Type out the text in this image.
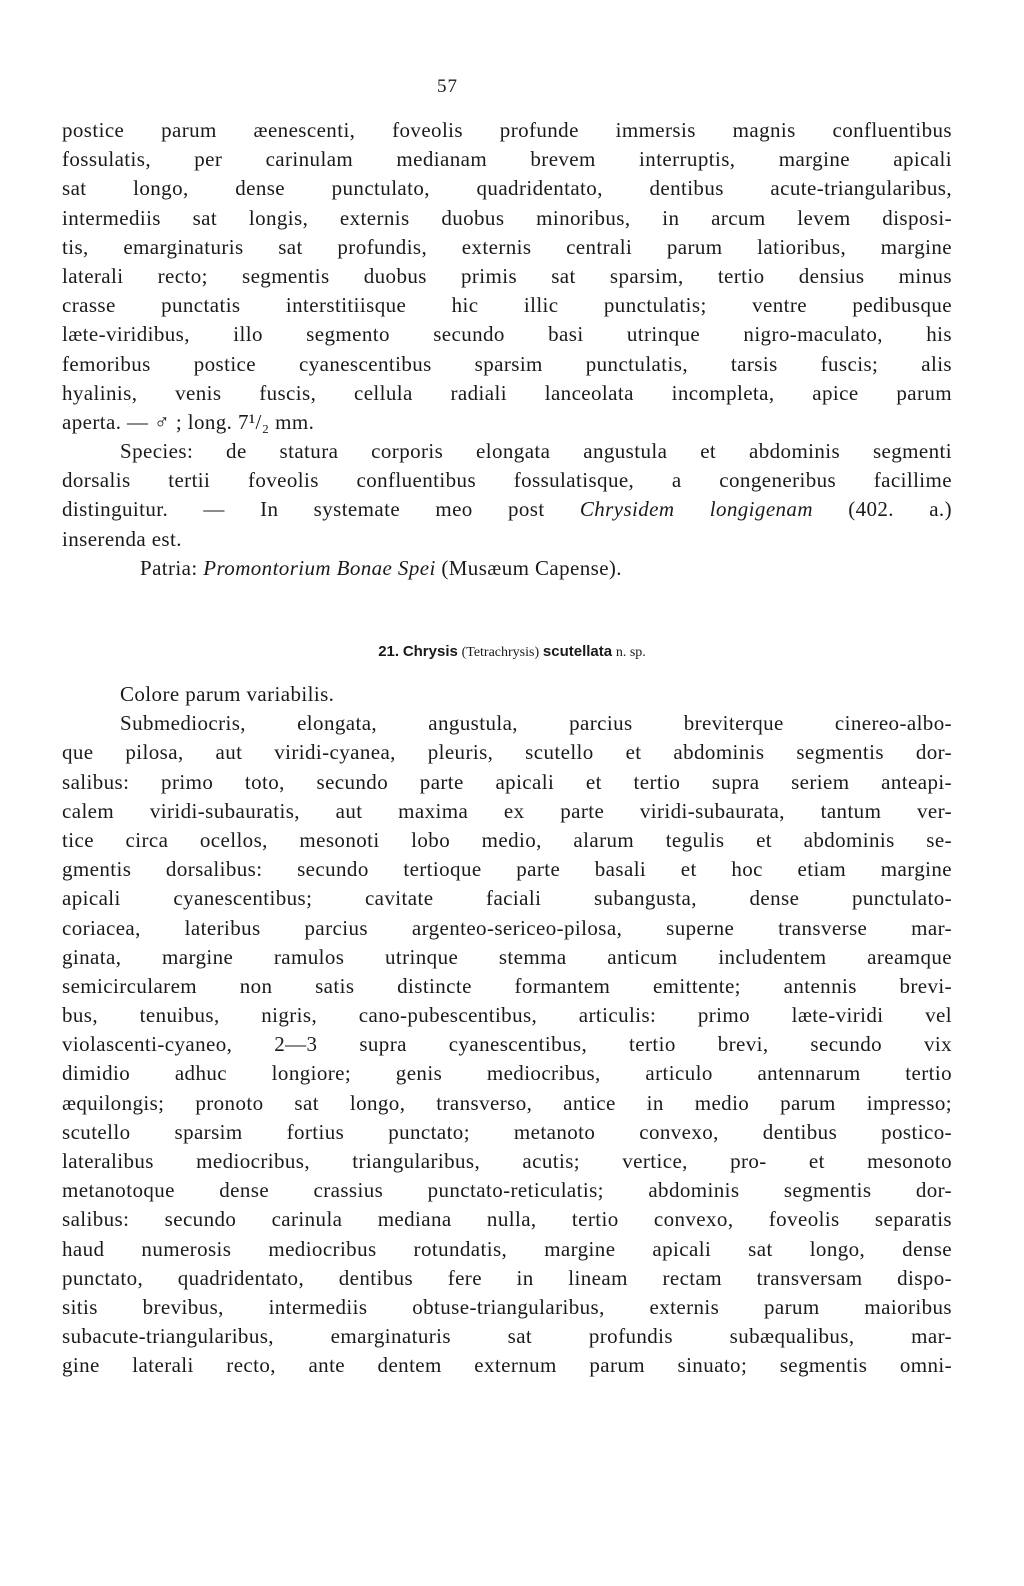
57
postice parum æenescenti, foveolis profunde immersis magnis confluentibus
fossulatis, per carinulam medianam brevem interruptis, margine apicali
sat longo, dense punctulato, quadridentato, dentibus acute-triangularibus,
intermediis sat longis, externis duobus minoribus, in arcum levem disposi-
tis, emarginaturis sat profundis, externis centrali parum latioribus, margine
laterali recto; segmentis duobus primis sat sparsim, tertio densius minus
crasse punctatis interstitiisque hic illic punctulatis; ventre pedibusque
læte-viridibus, illo segmento secundo basi utrinque nigro-maculato, his
femoribus postice cyanescentibus sparsim punctulatis, tarsis fuscis; alis
hyalinis, venis fuscis, cellula radiali lanceolata incompleta, apice parum
aperta. — ♂ ; long. 7¹/₂ mm.
Species: de statura corporis elongata angustula et abdominis segmenti
dorsalis tertii foveolis confluentibus fossulatisque, a congeneribus facillime
distinguitur. — In systemate meo post Chrysidem longigenam (402. a.)
inserenda est.
Patria: Promontorium Bonae Spei (Musæum Capense).
21. Chrysis (Tetrachrysis) scutellata n. sp.
Colore parum variabilis.
Submediocris, elongata, angustula, parcius breviterque cinereo-albo-
que pilosa, aut viridi-cyanea, pleuris, scutello et abdominis segmentis dor-
salibus: primo toto, secundo parte apicali et tertio supra seriem anteapi-
calem viridi-subauratis, aut maxima ex parte viridi-subaurata, tantum ver-
tice circa ocellos, mesonoti lobo medio, alarum tegulis et abdominis se-
gmentis dorsalibus: secundo tertioque parte basali et hoc etiam margine
apicali cyanescentibus; cavitate faciali subangusta, dense punctulato-
coriacea, lateribus parcius argenteo-sericeo-pilosa, superne transverse mar-
ginata, margine ramulos utrinque stemma anticum includentem areamque
semicircularem non satis distincte formantem emittente; antennis brevi-
bus, tenuibus, nigris, cano-pubescentibus, articulis: primo læte-viridi vel
violascenti-cyaneo, 2—3 supra cyanescentibus, tertio brevi, secundo vix
dimidio adhuc longiore; genis mediocribus, articulo antennarum tertio
æquilongis; pronoto sat longo, transverso, antice in medio parum impresso;
scutello sparsim fortius punctato; metanoto convexo, dentibus postico-
lateralibus mediocribus, triangularibus, acutis; vertice, pro- et mesonoto
metanotoque dense crassius punctato-reticulatis; abdominis segmentis dor-
salibus: secundo carinula mediana nulla, tertio convexo, foveolis separatis
haud numerosis mediocribus rotundatis, margine apicali sat longo, dense
punctato, quadridentato, dentibus fere in lineam rectam transversam dispo-
sitis brevibus, intermediis obtuse-triangularibus, externis parum maioribus
subacute-triangularibus, emarginaturis sat profundis subæqualibus, mar-
gine laterali recto, ante dentem externum parum sinuato; segmentis omni-
